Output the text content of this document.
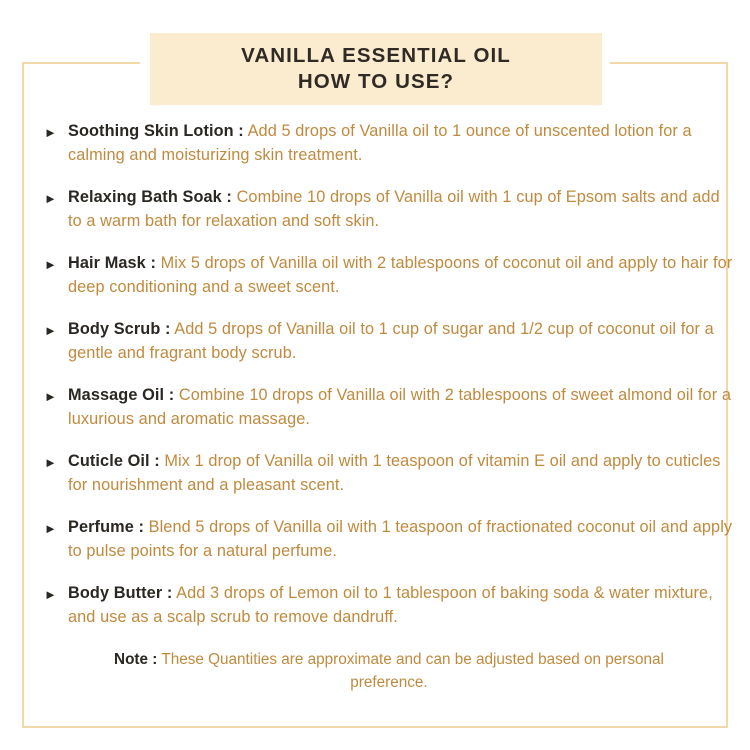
VANILLA ESSENTIAL OIL
HOW TO USE?
► Soothing Skin Lotion : Add 5 drops of Vanilla oil to 1 ounce of unscented lotion for a calming and moisturizing skin treatment.
► Relaxing Bath Soak : Combine 10 drops of Vanilla oil with 1 cup of Epsom salts and add to a warm bath for relaxation and soft skin.
► Hair Mask : Mix 5 drops of Vanilla oil with 2 tablespoons of coconut oil and apply to hair for deep conditioning and a sweet scent.
► Body Scrub : Add 5 drops of Vanilla oil to 1 cup of sugar and 1/2 cup of coconut oil for a gentle and fragrant body scrub.
► Massage Oil : Combine 10 drops of Vanilla oil with 2 tablespoons of sweet almond oil for a luxurious and aromatic massage.
► Cuticle Oil : Mix 1 drop of Vanilla oil with 1 teaspoon of vitamin E oil and apply to cuticles for nourishment and a pleasant scent.
► Perfume : Blend 5 drops of Vanilla oil with 1 teaspoon of fractionated coconut oil and apply to pulse points for a natural perfume.
► Body Butter : Add 3 drops of Lemon oil to 1 tablespoon of baking soda & water mixture, and use as a scalp scrub to remove dandruff.
Note : These Quantities are approximate and can be adjusted based on personal preference.
